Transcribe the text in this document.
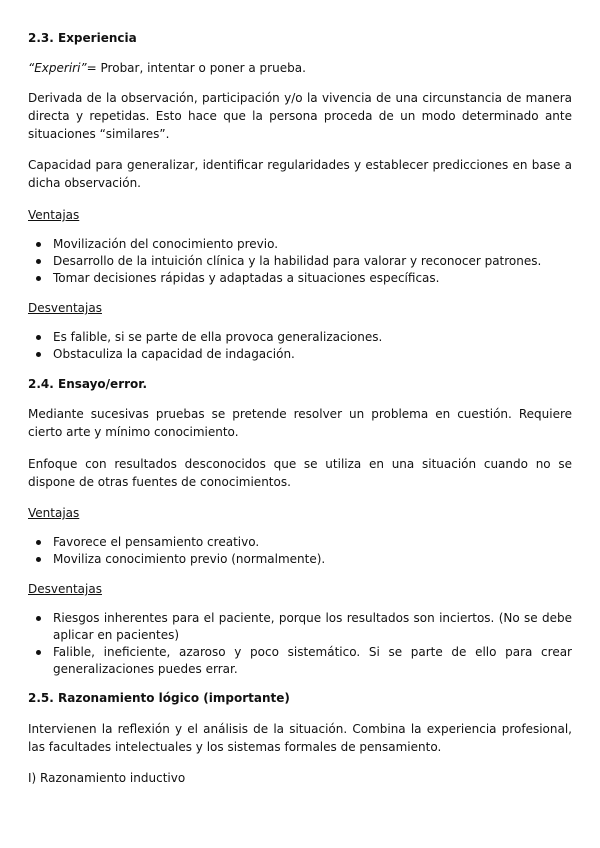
2.3. Experiencia
“Experiri”= Probar, intentar o poner a prueba.
Derivada de la observación, participación y/o la vivencia de una circunstancia de manera directa y repetidas. Esto hace que la persona proceda de un modo determinado ante situaciones “similares”.
Capacidad para generalizar, identificar regularidades y establecer predicciones en base a dicha observación.
Ventajas
Movilización del conocimiento previo.
Desarrollo de la intuición clínica y la habilidad para valorar y reconocer patrones.
Tomar decisiones rápidas y adaptadas a situaciones específicas.
Desventajas
Es falible, si se parte de ella provoca generalizaciones.
Obstaculiza la capacidad de indagación.
2.4. Ensayo/error.
Mediante sucesivas pruebas se pretende resolver un problema en cuestión. Requiere cierto arte y mínimo conocimiento.
Enfoque con resultados desconocidos que se utiliza en una situación cuando no se dispone de otras fuentes de conocimientos.
Ventajas
Favorece el pensamiento creativo.
Moviliza conocimiento previo (normalmente).
Desventajas
Riesgos inherentes para el paciente, porque los resultados son inciertos. (No se debe aplicar en pacientes)
Falible, ineficiente, azaroso y poco sistemático. Si se parte de ello para crear generalizaciones puedes errar.
2.5. Razonamiento lógico (importante)
Intervienen la reflexión y el análisis de la situación. Combina la experiencia profesional, las facultades intelectuales y los sistemas formales de pensamiento.
I) Razonamiento inductivo
